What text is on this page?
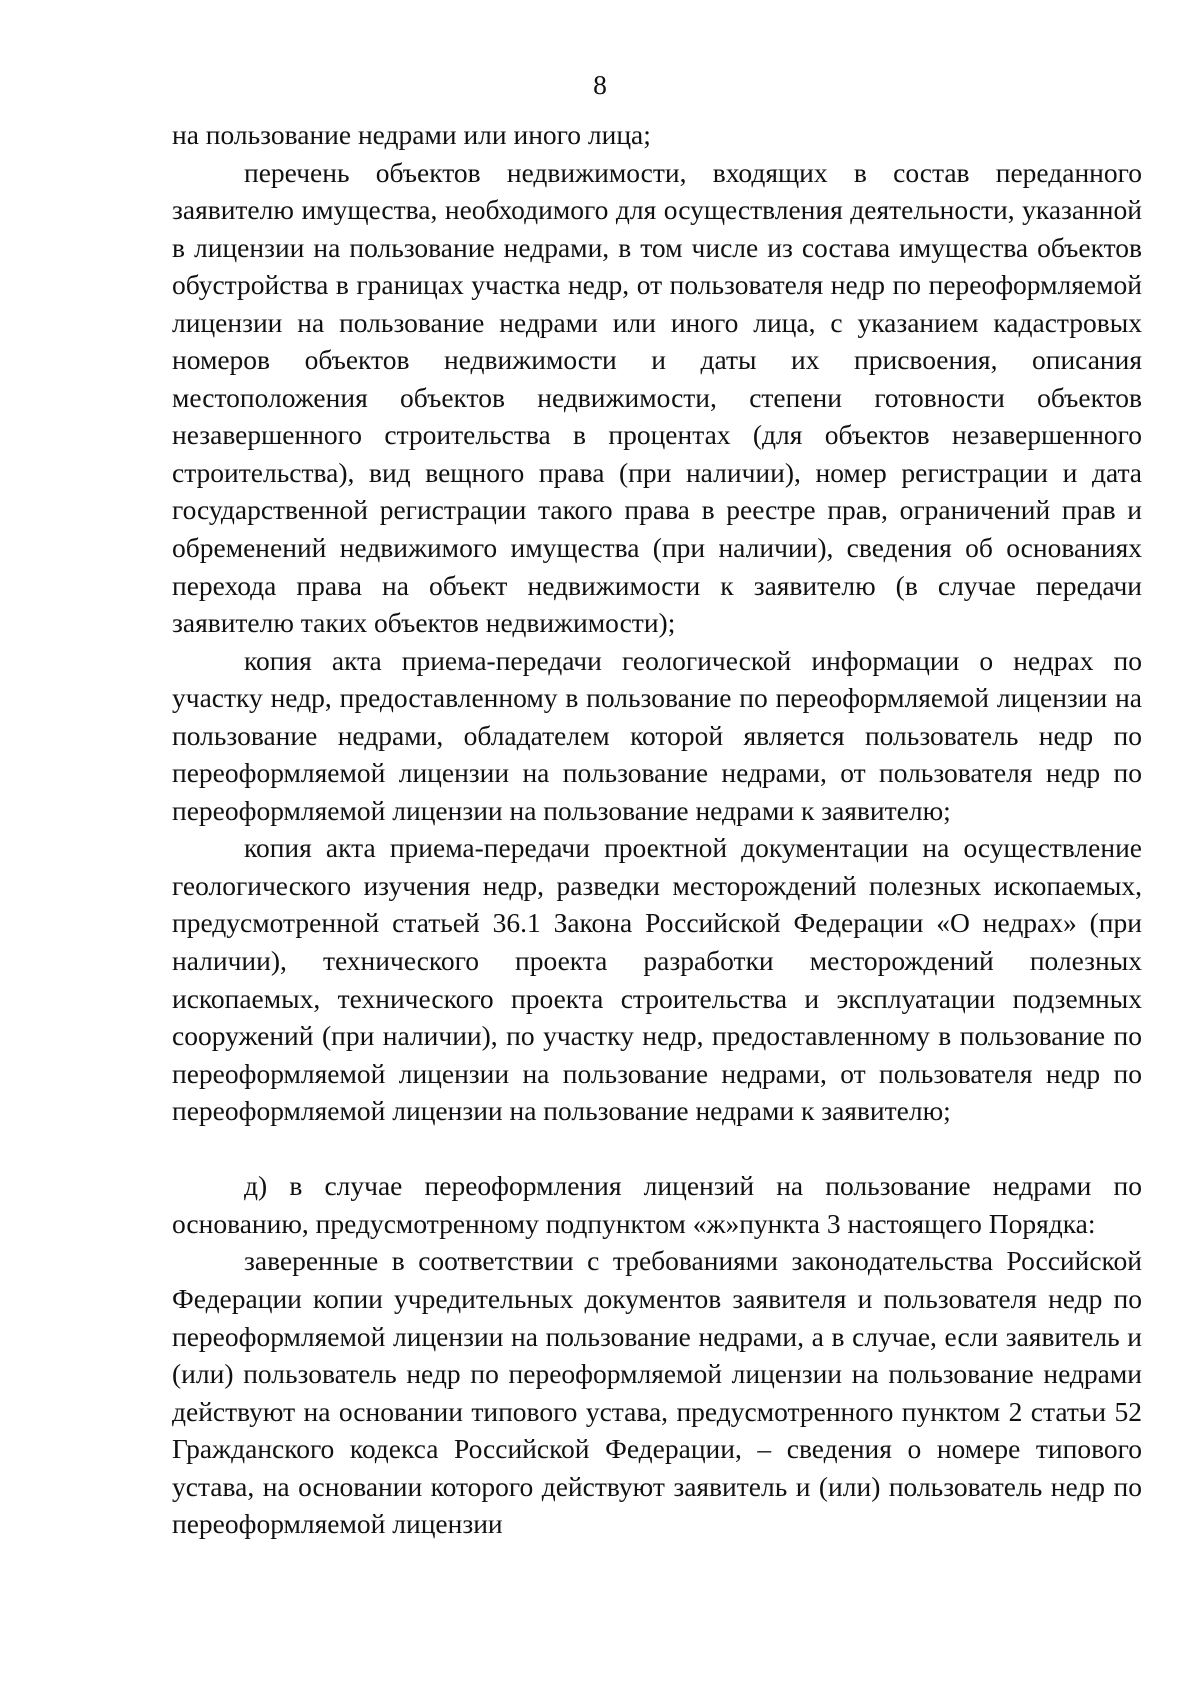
8

на пользование недрами или иного лица;

перечень объектов недвижимости, входящих в состав переданного заявителю имущества, необходимого для осуществления деятельности, указанной в лицензии на пользование недрами, в том числе из состава имущества объектов обустройства в границах участка недр, от пользователя недр по переоформляемой лицензии на пользование недрами или иного лица, с указанием кадастровых номеров объектов недвижимости и даты их присвоения, описания местоположения объектов недвижимости, степени готовности объектов незавершенного строительства в процентах (для объектов незавершенного строительства), вид вещного права (при наличии), номер регистрации и дата государственной регистрации такого права в реестре прав, ограничений прав и обременений недвижимого имущества (при наличии), сведения об основаниях перехода права на объект недвижимости к заявителю (в случае передачи заявителю таких объектов недвижимости);

копия акта приема-передачи геологической информации о недрах по участку недр, предоставленному в пользование по переоформляемой лицензии на пользование недрами, обладателем которой является пользователь недр по переоформляемой лицензии на пользование недрами, от пользователя недр по переоформляемой лицензии на пользование недрами к заявителю;

копия акта приема-передачи проектной документации на осуществление геологического изучения недр, разведки месторождений полезных ископаемых, предусмотренной статьей 36.1 Закона Российской Федерации «О недрах» (при наличии), технического проекта разработки месторождений полезных ископаемых, технического проекта строительства и эксплуатации подземных сооружений (при наличии), по участку недр, предоставленному в пользование по переоформляемой лицензии на пользование недрами, от пользователя недр по переоформляемой лицензии на пользование недрами к заявителю;

д) в случае переоформления лицензий на пользование недрами по основанию, предусмотренному подпунктом «ж»пункта 3 настоящего Порядка:

заверенные в соответствии с требованиями законодательства Российской Федерации копии учредительных документов заявителя и пользователя недр по переоформляемой лицензии на пользование недрами, а в случае, если заявитель и (или) пользователь недр по переоформляемой лицензии на пользование недрами действуют на основании типового устава, предусмотренного пунктом 2 статьи 52 Гражданского кодекса Российской Федерации, – сведения о номере типового устава, на основании которого действуют заявитель и (или) пользователь недр по переоформляемой лицензии
